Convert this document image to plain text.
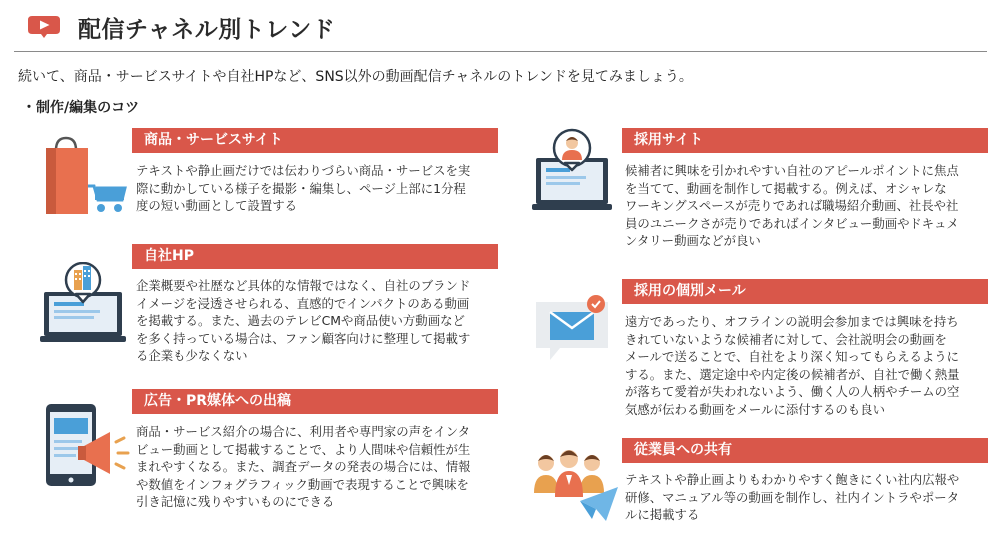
配信チャネル別トレンド
続いて、商品・サービスサイトや自社HPなど、SNS以外の動画配信チャネルのトレンドを見てみましょう。
・制作/編集のコツ
商品・サービスサイト
テキストや静止画だけでは伝わりづらい商品・サービスを実
際に動かしている様子を撮影・編集し、ページ上部に1分程
度の短い動画として設置する
自社HP
企業概要や社歴など具体的な情報ではなく、自社のブランド
イメージを浸透させられる、直感的でインパクトのある動画
を掲載する。また、過去のテレビCMや商品使い方動画など
を多く持っている場合は、ファン顧客向けに整理して掲載す
る企業も少なくない
広告・PR媒体への出稿
商品・サービス紹介の場合に、利用者や専門家の声をインタ
ビュー動画として掲載することで、より人間味や信頼性が生
まれやすくなる。また、調査データの発表の場合には、情報
や数値をインフォグラフィック動画で表現することで興味を
引き記憶に残りやすいものにできる
採用サイト
候補者に興味を引かれやすい自社のアピールポイントに焦点
を当てて、動画を制作して掲載する。例えば、オシャレな
ワーキングスペースが売りであれば職場紹介動画、社長や社
員のユニークさが売りであればインタビュー動画やドキュメ
ンタリー動画などが良い
採用の個別メール
遠方であったり、オフラインの説明会参加までは興味を持ち
きれていないような候補者に対して、会社説明会の動画を
メールで送ることで、自社をより深く知ってもらえるように
する。また、選定途中や内定後の候補者が、自社で働く熱量
が落ちて愛着が失われないよう、働く人の人柄やチームの空
気感が伝わる動画をメールに添付するのも良い
従業員への共有
テキストや静止画よりもわかりやすく飽きにくい社内広報や
研修、マニュアル等の動画を制作し、社内イントラやポータ
ルに掲載する
